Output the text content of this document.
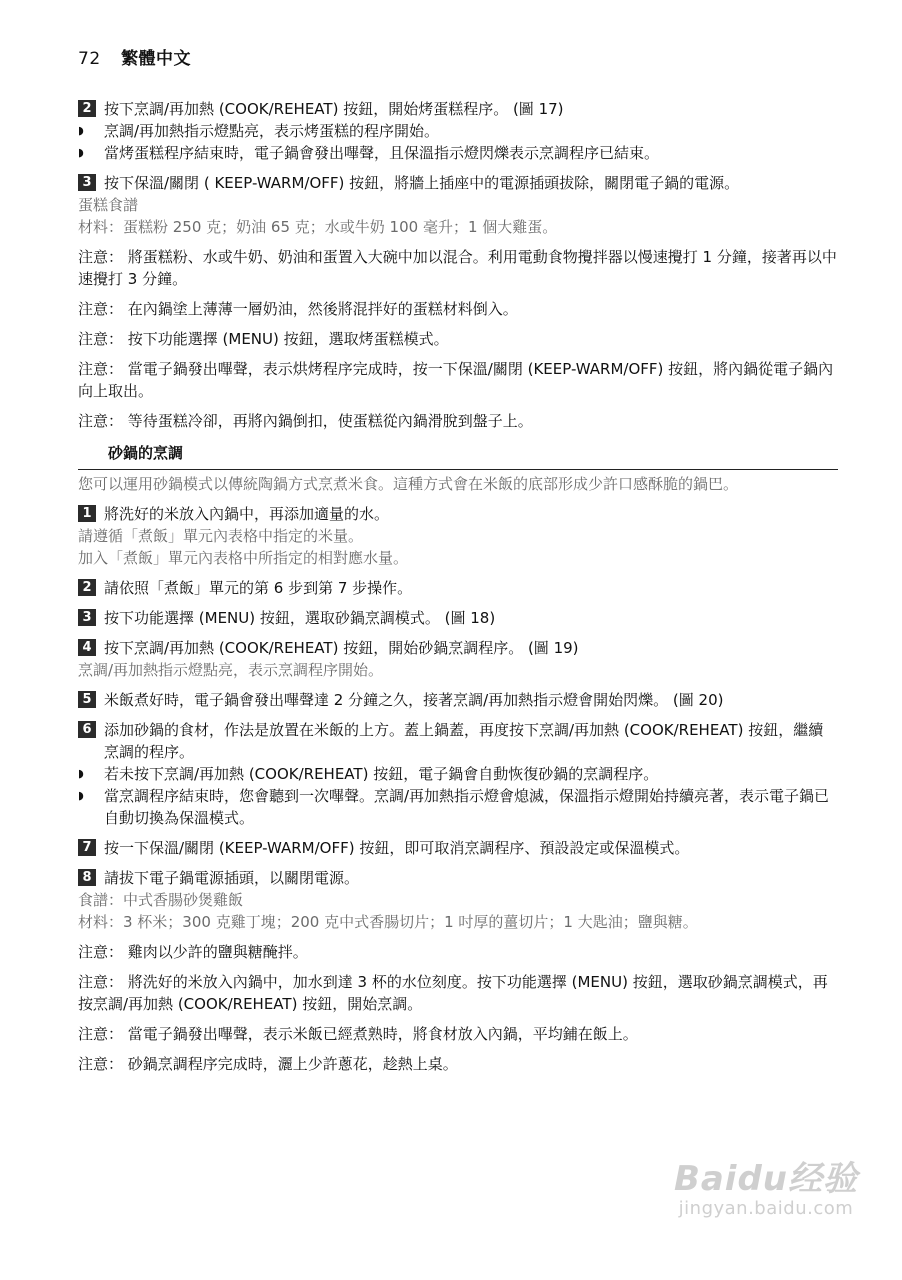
72 繁體中文
2 按下烹調/再加熱 (COOK/REHEAT) 按鈕，開始烤蛋糕程序。 (圖 17)
◗	烹調/再加熱指示燈點亮，表示烤蛋糕的程序開始。
◗	當烤蛋糕程序結束時，電子鍋會發出嗶聲，且保溫指示燈閃爍表示烹調程序已結束。
3 按下保溫/關閉 ( KEEP-WARM/OFF) 按鈕，將牆上插座中的電源插頭拔除，關閉電子鍋的電源。
蛋糕食譜
材料：蛋糕粉 250 克；奶油 65 克；水或牛奶 100 毫升；1 個大雞蛋。
注意： 將蛋糕粉、水或牛奶、奶油和蛋置入大碗中加以混合。利用電動食物攪拌器以慢速攪打 1 分鐘，接著再以中速攪打 3 分鐘。
注意： 在內鍋塗上薄薄一層奶油，然後將混拌好的蛋糕材料倒入。
注意： 按下功能選擇 (MENU) 按鈕，選取烤蛋糕模式。
注意： 當電子鍋發出嗶聲，表示烘烤程序完成時，按一下保溫/關閉 (KEEP-WARM/OFF) 按鈕，將內鍋從電子鍋內向上取出。
注意： 等待蛋糕冷卻，再將內鍋倒扣，使蛋糕從內鍋滑脫到盤子上。
砂鍋的烹調
您可以運用砂鍋模式以傳統陶鍋方式烹煮米食。這種方式會在米飯的底部形成少許口感酥脆的鍋巴。
1 將洗好的米放入內鍋中，再添加適量的水。
請遵循「煮飯」單元內表格中指定的米量。
加入「煮飯」單元內表格中所指定的相對應水量。
2 請依照「煮飯」單元的第 6 步到第 7 步操作。
3 按下功能選擇 (MENU) 按鈕，選取砂鍋烹調模式。 (圖 18)
4 按下烹調/再加熱 (COOK/REHEAT) 按鈕，開始砂鍋烹調程序。 (圖 19)
烹調/再加熱指示燈點亮，表示烹調程序開始。
5 米飯煮好時，電子鍋會發出嗶聲達 2 分鐘之久，接著烹調/再加熱指示燈會開始閃爍。 (圖 20)
6 添加砂鍋的食材，作法是放置在米飯的上方。蓋上鍋蓋，再度按下烹調/再加熱 (COOK/REHEAT) 按鈕，繼續烹調的程序。
◗	若未按下烹調/再加熱 (COOK/REHEAT) 按鈕，電子鍋會自動恢復砂鍋的烹調程序。
◗	當烹調程序結束時，您會聽到一次嗶聲。烹調/再加熱指示燈會熄滅，保溫指示燈開始持續亮著，表示電子鍋已自動切換為保溫模式。
7 按一下保溫/關閉 (KEEP-WARM/OFF) 按鈕，即可取消烹調程序、預設設定或保溫模式。
8 請拔下電子鍋電源插頭，以關閉電源。
食譜：中式香腸砂煲雞飯
材料：3 杯米；300 克雞丁塊；200 克中式香腸切片；1 吋厚的薑切片；1 大匙油；鹽與糖。
注意： 雞肉以少許的鹽與糖醃拌。
注意： 將洗好的米放入內鍋中，加水到達 3 杯的水位刻度。按下功能選擇 (MENU) 按鈕，選取砂鍋烹調模式，再按烹調/再加熱 (COOK/REHEAT) 按鈕，開始烹調。
注意： 當電子鍋發出嗶聲，表示米飯已經煮熟時，將食材放入內鍋，平均鋪在飯上。
注意： 砂鍋烹調程序完成時，灑上少許蔥花，趁熱上桌。
Baidu经验
jingyan.baidu.com
